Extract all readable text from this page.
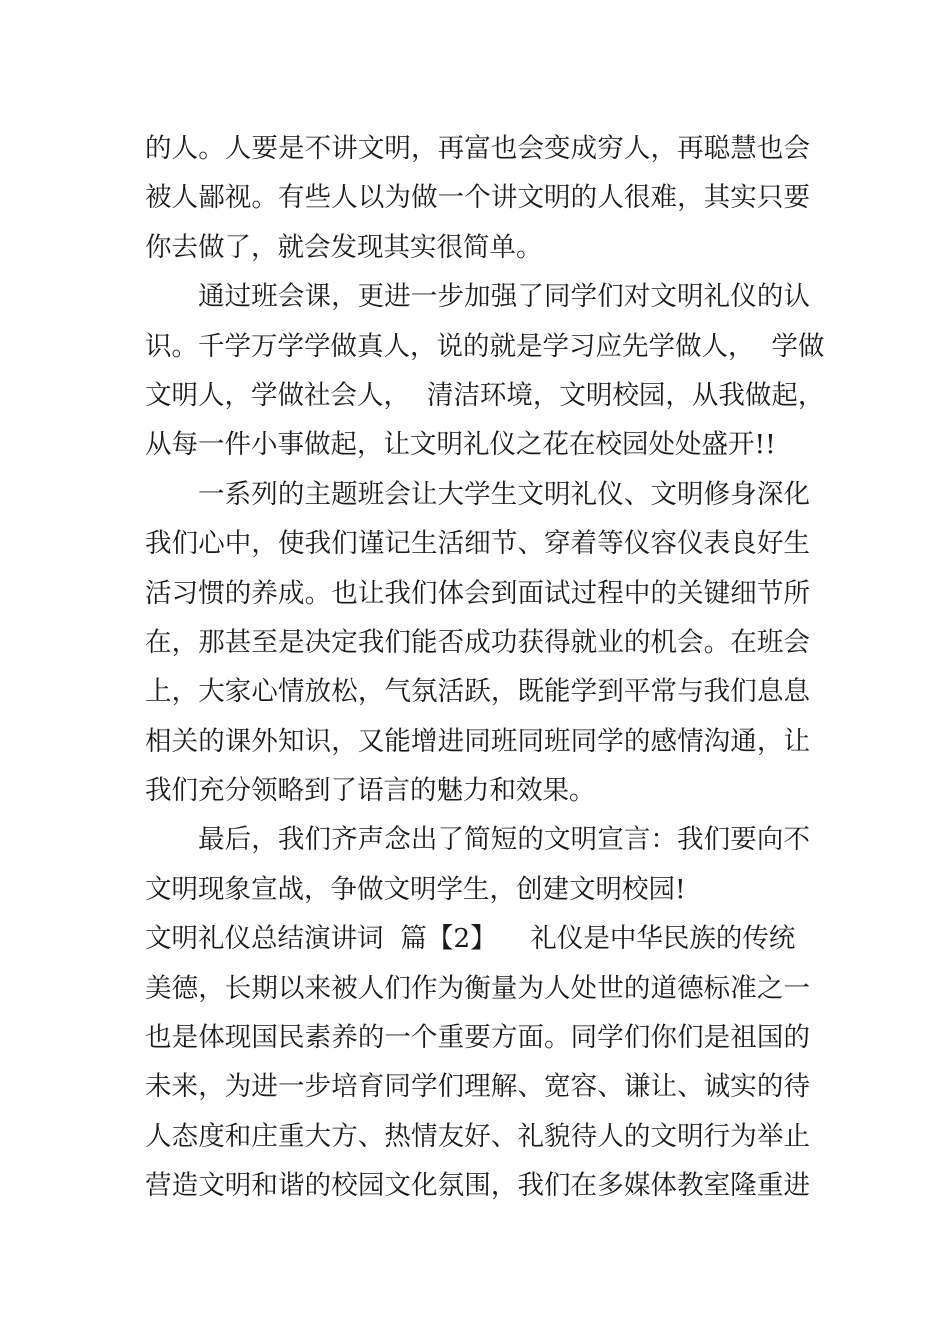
的人。人要是不讲文明，再富也会变成穷人，再聪慧也会
被人鄙视。有些人以为做一个讲文明的人很难，其实只要
你去做了，就会发现其实很简单。
通过班会课，更进一步加强了同学们对文明礼仪的认
识。千学万学学做真人，说的就是学习应先学做人，  学做
文明人，学做社会人，  清洁环境，文明校园，从我做起，
从每一件小事做起，让文明礼仪之花在校园处处盛开!!
一系列的主题班会让大学生文明礼仪、文明修身深化
我们心中，使我们谨记生活细节、穿着等仪容仪表良好生
活习惯的养成。也让我们体会到面试过程中的关键细节所
在，那甚至是决定我们能否成功获得就业的机会。在班会
上，大家心情放松，气氛活跃，既能学到平常与我们息息
相关的课外知识，又能增进同班同班同学的感情沟通，让
我们充分领略到了语言的魅力和效果。
最后，我们齐声念出了简短的文明宣言：我们要向不
文明现象宣战，争做文明学生，创建文明校园!
文明礼仪总结演讲词  篇【2】    礼仪是中华民族的传统
美德，长期以来被人们作为衡量为人处世的道德标准之一
也是体现国民素养的一个重要方面。同学们你们是祖国的
未来，为进一步培育同学们理解、宽容、谦让、诚实的待
人态度和庄重大方、热情友好、礼貌待人的文明行为举止
营造文明和谐的校园文化氛围，我们在多媒体教室隆重进
